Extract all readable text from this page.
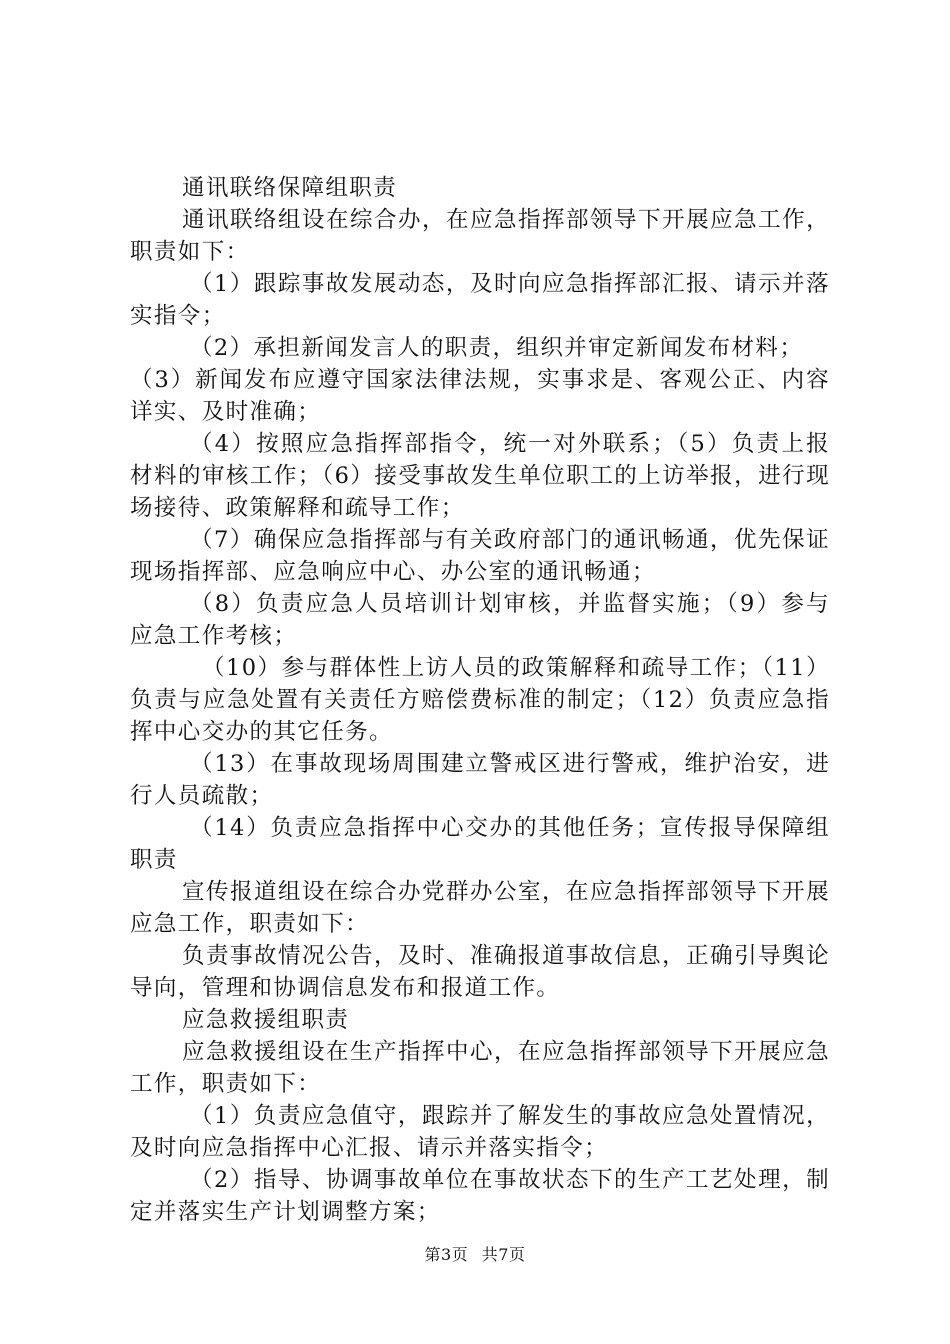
通讯联络保障组职责

通讯联络组设在综合办，在应急指挥部领导下开展应急工作，职责如下：

（1）跟踪事故发展动态，及时向应急指挥部汇报、请示并落实指令；

（2）承担新闻发言人的职责，组织并审定新闻发布材料；

（3）新闻发布应遵守国家法律法规，实事求是、客观公正、内容详实、及时准确；

（4）按照应急指挥部指令，统一对外联系；（5）负责上报材料的审核工作；（6）接受事故发生单位职工的上访举报，进行现场接待、政策解释和疏导工作；

（7）确保应急指挥部与有关政府部门的通讯畅通，优先保证现场指挥部、应急响应中心、办公室的通讯畅通；

（8）负责应急人员培训计划审核，并监督实施；（9）参与应急工作考核；

（10）参与群体性上访人员的政策解释和疏导工作；（11）负责与应急处置有关责任方赔偿费标准的制定；（12）负责应急指挥中心交办的其它任务。

（13）在事故现场周围建立警戒区进行警戒，维护治安，进行人员疏散；

（14）负责应急指挥中心交办的其他任务；宣传报导保障组职责

宣传报道组设在综合办党群办公室，在应急指挥部领导下开展应急工作，职责如下：

负责事故情况公告，及时、准确报道事故信息，正确引导舆论导向，管理和协调信息发布和报道工作。

应急救援组职责

应急救援组设在生产指挥中心，在应急指挥部领导下开展应急工作，职责如下：

（1）负责应急值守，跟踪并了解发生的事故应急处置情况，及时向应急指挥中心汇报、请示并落实指令；

（2）指导、协调事故单位在事故状态下的生产工艺处理，制定并落实生产计划调整方案；

第3页 共7页
